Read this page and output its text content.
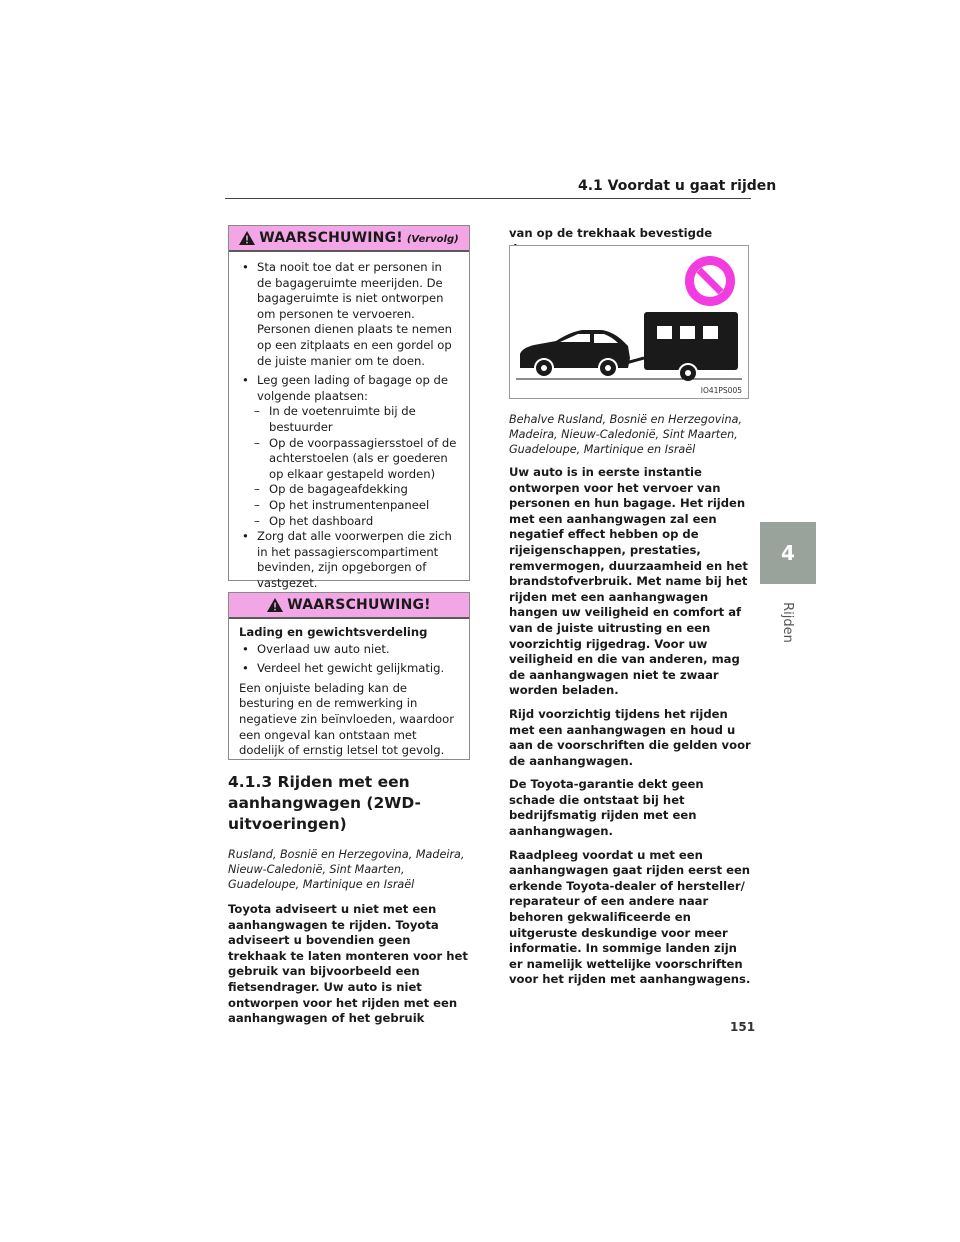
4.1 Voordat u gaat rijden
4
Rijden
WAARSCHUWING! (Vervolg)
• Sta nooit toe dat er personen in de bagageruimte meerijden. De bagageruimte is niet ontworpen om personen te vervoeren. Personen dienen plaats te nemen op een zitplaats en een gordel op de juiste manier om te doen.
• Leg geen lading of bagage op de volgende plaatsen:
– In de voetenruimte bij de bestuurder
– Op de voorpassagiersstoel of de achterstoelen (als er goederen op elkaar gestapeld worden)
– Op de bagageafdekking
– Op het instrumentenpaneel
– Op het dashboard
• Zorg dat alle voorwerpen die zich in het passagierscompartiment bevinden, zijn opgeborgen of vastgezet.
WAARSCHUWING!
Lading en gewichtsverdeling
• Overlaad uw auto niet.
• Verdeel het gewicht gelijkmatig.
Een onjuiste belading kan de besturing en de remwerking in negatieve zin beïnvloeden, waardoor een ongeval kan ontstaan met dodelijk of ernstig letsel tot gevolg.
4.1.3 Rijden met een aanhangwagen (2WD-uitvoeringen)
Rusland, Bosnië en Herzegovina, Madeira, Nieuw-Caledonië, Sint Maarten, Guadeloupe, Martinique en Israël
Toyota adviseert u niet met een aanhangwagen te rijden. Toyota adviseert u bovendien geen trekhaak te laten monteren voor het gebruik van bijvoorbeeld een fietsendrager. Uw auto is niet ontworpen voor het rijden met een aanhangwagen of het gebruik
van op de trekhaak bevestigde
IO41PS005
Behalve Rusland, Bosnië en Herzegovina, Madeira, Nieuw-Caledonië, Sint Maarten, Guadeloupe, Martinique en Israël
Uw auto is in eerste instantie ontworpen voor het vervoer van personen en hun bagage. Het rijden met een aanhangwagen zal een negatief effect hebben op de rijeigenschappen, prestaties, remvermogen, duurzaamheid en het brandstofverbruik. Met name bij het rijden met een aanhangwagen hangen uw veiligheid en comfort af van de juiste uitrusting en een voorzichtig rijgedrag. Voor uw veiligheid en die van anderen, mag de aanhangwagen niet te zwaar worden beladen.
Rijd voorzichtig tijdens het rijden met een aanhangwagen en houd u aan de voorschriften die gelden voor de aanhangwagen.
De Toyota-garantie dekt geen schade die ontstaat bij het bedrijfsmatig rijden met een aanhangwagen.
Raadpleeg voordat u met een aanhangwagen gaat rijden eerst een erkende Toyota-dealer of hersteller/ reparateur of een andere naar behoren gekwalificeerde en uitgeruste deskundige voor meer informatie. In sommige landen zijn er namelijk wettelijke voorschriften voor het rijden met aanhangwagens.
151
